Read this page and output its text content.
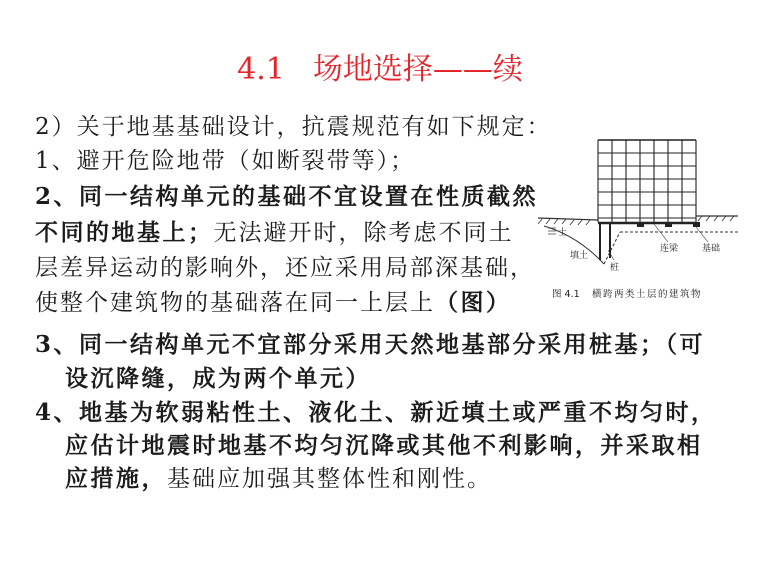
4.1 场地选择——续
2）关于地基基础设计，抗震规范有如下规定：
1、避开危险地带（如断裂带等）；
2、同一结构单元的基础不宜设置在性质截然
不同的地基上；无法避开时，除考虑不同土
层差异运动的影响外，还应采用局部深基础，
使整个建筑物的基础落在同一上层上（图）
3、同一结构单元不宜部分采用天然地基部分采用桩基；（可
设沉降缝，成为两个单元）
4、地基为软弱粘性土、液化土、新近填土或严重不均匀时，
应估计地震时地基不均匀沉降或其他不利影响，并采取相
应措施，基础应加强其整体性和刚性。
土
填土
桩
连梁	基础
图 4.1 横跨两类土层的建筑物
